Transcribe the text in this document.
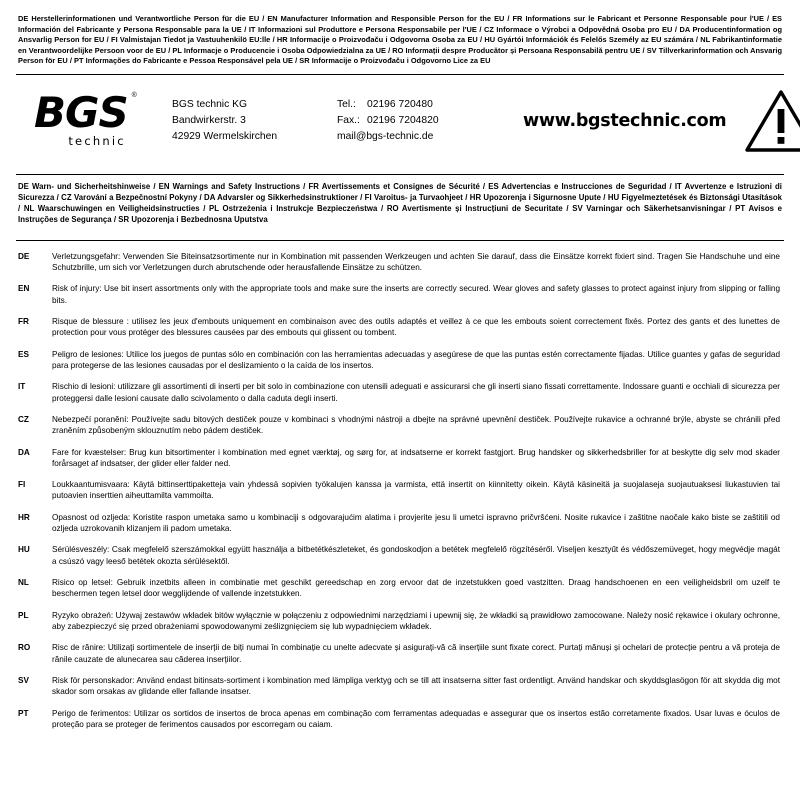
DE Herstellerinformationen und Verantwortliche Person für die EU / EN Manufacturer Information and Responsible Person for the EU / FR Informations sur le Fabricant et Personne Responsable pour l'UE / ES Información del Fabricante y Persona Responsable para la UE / IT Informazioni sul Produttore e Persona Responsabile per l'UE / CZ Informace o Výrobci a Odpovědná Osoba pro EU / DA Producentinformation og Ansvarlig Person for EU / FI Valmistajan Tiedot ja Vastuuhenkilö EU:lle / HR Informacije o Proizvođaču i Odgovorna Osoba za EU / HU Gyártói Információk és Felelős Személy az EU számára / NL Fabrikantinformatie en Verantwoordelijke Persoon voor de EU / PL Informacje o Producencie i Osoba Odpowiedzialna za UE / RO Informații despre Producător și Persoana Responsabilă pentru UE / SV Tillverkarinformation och Ansvarig Person för EU / PT Informações do Fabricante e Pessoa Responsável pela UE / SR Informacije o Proizvođaču i Odgovorno Lice za EU
BGS ®
technic
BGS technic KG
Bandwirkerstr. 3
42929 Wermelskirchen
Tel.: 02196 720480
Fax.: 02196 7204820
mail@bgs-technic.de
www.bgstechnic.com
DE Warn- und Sicherheitshinweise / EN Warnings and Safety Instructions / FR Avertissements et Consignes de Sécurité / ES Advertencias e Instrucciones de Seguridad / IT Avvertenze e Istruzioni di Sicurezza / CZ Varování a Bezpečnostní Pokyny / DA Advarsler og Sikkerhedsinstruktioner / FI Varoitus- ja Turvaohjeet / HR Upozorenja i Sigurnosne Upute / HU Figyelmeztetések és Biztonsági Utasítások / NL Waarschuwingen en Veiligheidsinstructies / PL Ostrzeżenia i Instrukcje Bezpieczeństwa / RO Avertismente și Instrucțiuni de Securitate / SV Varningar och Säkerhetsanvisningar / PT Avisos e Instruções de Segurança / SR Upozorenja i Bezbednosna Uputstva
DE	Verletzungsgefahr: Verwenden Sie Biteinsatzsortimente nur in Kombination mit passenden Werkzeugen und achten Sie darauf, dass die Einsätze korrekt fixiert sind. Tragen Sie Handschuhe und eine Schutzbrille, um sich vor Verletzungen durch abrutschende oder herausfallende Einsätze zu schützen.
EN	Risk of injury: Use bit insert assortments only with the appropriate tools and make sure the inserts are correctly secured. Wear gloves and safety glasses to protect against injury from slipping or falling bits.
FR	Risque de blessure : utilisez les jeux d'embouts uniquement en combinaison avec des outils adaptés et veillez à ce que les embouts soient correctement fixés. Portez des gants et des lunettes de protection pour vous protéger des blessures causées par des embouts qui glissent ou tombent.
ES	Peligro de lesiones: Utilice los juegos de puntas sólo en combinación con las herramientas adecuadas y asegúrese de que las puntas estén correctamente fijadas. Utilice guantes y gafas de seguridad para protegerse de las lesiones causadas por el deslizamiento o la caída de los insertos.
IT	Rischio di lesioni: utilizzare gli assortimenti di inserti per bit solo in combinazione con utensili adeguati e assicurarsi che gli inserti siano fissati correttamente. Indossare guanti e occhiali di sicurezza per proteggersi dalle lesioni causate dallo scivolamento o dalla caduta degli inserti.
CZ	Nebezpečí poranění: Používejte sadu bitových destiček pouze v kombinaci s vhodnými nástroji a dbejte na správné upevnění destiček. Používejte rukavice a ochranné brýle, abyste se chránili před zraněním způsobeným sklouznutím nebo pádem destiček.
DA	Fare for kvæstelser: Brug kun bitsortimenter i kombination med egnet værktøj, og sørg for, at indsatserne er korrekt fastgjort. Brug handsker og sikkerhedsbriller for at beskytte dig selv mod skader forårsaget af indsatser, der glider eller falder ned.
FI	Loukkaantumisvaara: Käytä bittinserttipaketteja vain yhdessä sopivien työkalujen kanssa ja varmista, että insertit on kiinnitetty oikein. Käytä käsineitä ja suojalaseja suojautuaksesi liukastuvien tai putoavien inserttien aiheuttamilta vammoilta.
HR	Opasnost od ozljeda: Koristite raspon umetaka samo u kombinaciji s odgovarajućim alatima i provjerite jesu li umetci ispravno pričvršćeni. Nosite rukavice i zaštitne naočale kako biste se zaštitili od ozljeda uzrokovanih klizanjem ili padom umetaka.
HU	Sérülésveszély: Csak megfelelő szerszámokkal együtt használja a bitbetétkészleteket, és gondoskodjon a betétek megfelelő rögzítéséről. Viseljen kesztyűt és védőszemüveget, hogy megvédje magát a csúszó vagy leeső betétek okozta sérülésektől.
NL	Risico op letsel: Gebruik inzetbits alleen in combinatie met geschikt gereedschap en zorg ervoor dat de inzetstukken goed vastzitten. Draag handschoenen en een veiligheidsbril om uzelf te beschermen tegen letsel door wegglijdende of vallende inzetstukken.
PL	Ryzyko obrażeń: Używaj zestawów wkładek bitów wyłącznie w połączeniu z odpowiednimi narzędziami i upewnij się, że wkładki są prawidłowo zamocowane. Należy nosić rękawice i okulary ochronne, aby zabezpieczyć się przed obrażeniami spowodowanymi ześlizgnięciem się lub wypadnięciem wkładek.
RO	Risc de rănire: Utilizați sortimentele de inserții de biți numai în combinație cu unelte adecvate și asigurați-vă că inserțiile sunt fixate corect. Purtați mănuși și ochelari de protecție pentru a vă proteja de rănile cauzate de alunecarea sau căderea inserțiilor.
SV	Risk för personskador: Använd endast bitinsats-sortiment i kombination med lämpliga verktyg och se till att insatserna sitter fast ordentligt. Använd handskar och skyddsglasögon för att skydda dig mot skador som orsakas av glidande eller fallande insatser.
PT	Perigo de ferimentos: Utilizar os sortidos de insertos de broca apenas em combinação com ferramentas adequadas e assegurar que os insertos estão corretamente fixados. Usar luvas e óculos de proteção para se proteger de ferimentos causados por escorregam ou caiam.
